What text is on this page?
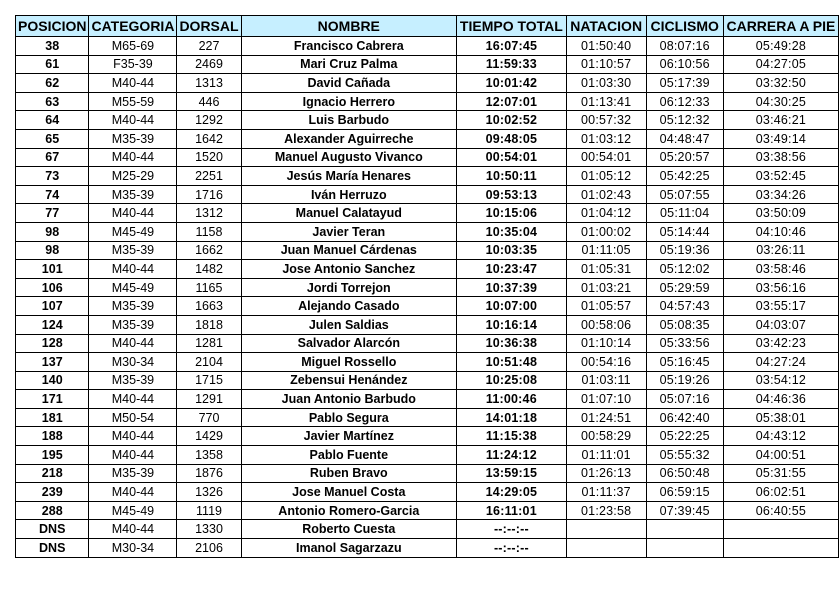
POSICION	CATEGORIA	DORSAL	NOMBRE	TIEMPO TOTAL	NATACION	CICLISMO	CARRERA A PIE
38	M65-69	227	Francisco Cabrera	16:07:45	01:50:40	08:07:16	05:49:28
61	F35-39	2469	Mari Cruz Palma	11:59:33	01:10:57	06:10:56	04:27:05
62	M40-44	1313	David Cañada	10:01:42	01:03:30	05:17:39	03:32:50
63	M55-59	446	Ignacio Herrero	12:07:01	01:13:41	06:12:33	04:30:25
64	M40-44	1292	Luis Barbudo	10:02:52	00:57:32	05:12:32	03:46:21
65	M35-39	1642	Alexander Aguirreche	09:48:05	01:03:12	04:48:47	03:49:14
67	M40-44	1520	Manuel Augusto Vivanco	00:54:01	00:54:01	05:20:57	03:38:56
73	M25-29	2251	Jesús María Henares	10:50:11	01:05:12	05:42:25	03:52:45
74	M35-39	1716	Iván Herruzo	09:53:13	01:02:43	05:07:55	03:34:26
77	M40-44	1312	Manuel Calatayud	10:15:06	01:04:12	05:11:04	03:50:09
98	M45-49	1158	Javier Teran	10:35:04	01:00:02	05:14:44	04:10:46
98	M35-39	1662	Juan Manuel Cárdenas	10:03:35	01:11:05	05:19:36	03:26:11
101	M40-44	1482	Jose Antonio Sanchez	10:23:47	01:05:31	05:12:02	03:58:46
106	M45-49	1165	Jordi Torrejon	10:37:39	01:03:21	05:29:59	03:56:16
107	M35-39	1663	Alejando Casado	10:07:00	01:05:57	04:57:43	03:55:17
124	M35-39	1818	Julen Saldias	10:16:14	00:58:06	05:08:35	04:03:07
128	M40-44	1281	Salvador Alarcón	10:36:38	01:10:14	05:33:56	03:42:23
137	M30-34	2104	Miguel Rossello	10:51:48	00:54:16	05:16:45	04:27:24
140	M35-39	1715	Zebensui Henández	10:25:08	01:03:11	05:19:26	03:54:12
171	M40-44	1291	Juan Antonio Barbudo	11:00:46	01:07:10	05:07:16	04:46:36
181	M50-54	770	Pablo Segura	14:01:18	01:24:51	06:42:40	05:38:01
188	M40-44	1429	Javier Martínez	11:15:38	00:58:29	05:22:25	04:43:12
195	M40-44	1358	Pablo Fuente	11:24:12	01:11:01	05:55:32	04:00:51
218	M35-39	1876	Ruben Bravo	13:59:15	01:26:13	06:50:48	05:31:55
239	M40-44	1326	Jose Manuel Costa	14:29:05	01:11:37	06:59:15	06:02:51
288	M45-49	1119	Antonio Romero-Garcia	16:11:01	01:23:58	07:39:45	06:40:55
DNS	M40-44	1330	Roberto Cuesta	--:--:--			
DNS	M30-34	2106	Imanol Sagarzazu	--:--:--			
